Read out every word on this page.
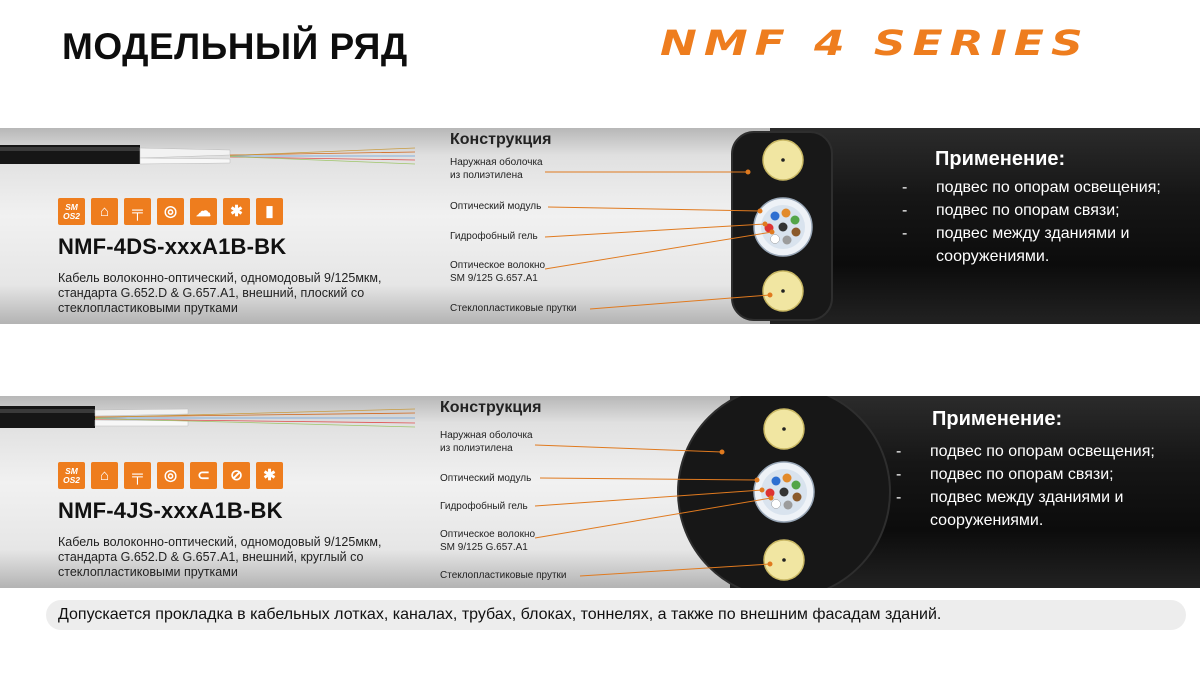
МОДЕЛЬНЫЙ РЯД	NMF 4 SERIES
SM
OS2	⌂	╤	◎	☁	✱	▮
NMF-4DS-xxxA1B-BK

Кабель волоконно-оптический, одномодовый 9/125мкм, стандарта G.652.D & G.657.A1, внешний, плоский со стеклопластиковыми прутками

Конструкция
Наружная оболочка
из полиэтилена
Оптический модуль
Гидрофобный гель
Оптическое волокно
SM 9/125 G.657.A1
Стеклопластиковые прутки
Применение:
-	подвес по опорам освещения;
-	подвес по опорам связи;
-	подвес между зданиями и сооружениями.
SM
OS2	⌂	╤	◎	⊂	⊘	✱
NMF-4JS-xxxA1B-BK

Кабель волоконно-оптический, одномодовый 9/125мкм, стандарта G.652.D & G.657.A1, внешний, круглый со стеклопластиковыми прутками

Конструкция
Наружная оболочка
из полиэтилена
Оптический модуль
Гидрофобный гель
Оптическое волокно
SM 9/125 G.657.A1
Стеклопластиковые прутки
Применение:
-	подвес по опорам освещения;
-	подвес по опорам связи;
-	подвес между зданиями и сооружениями.
Допускается прокладка в кабельных лотках, каналах, трубах, блоках, тоннелях, а также по внешним фасадам зданий.
